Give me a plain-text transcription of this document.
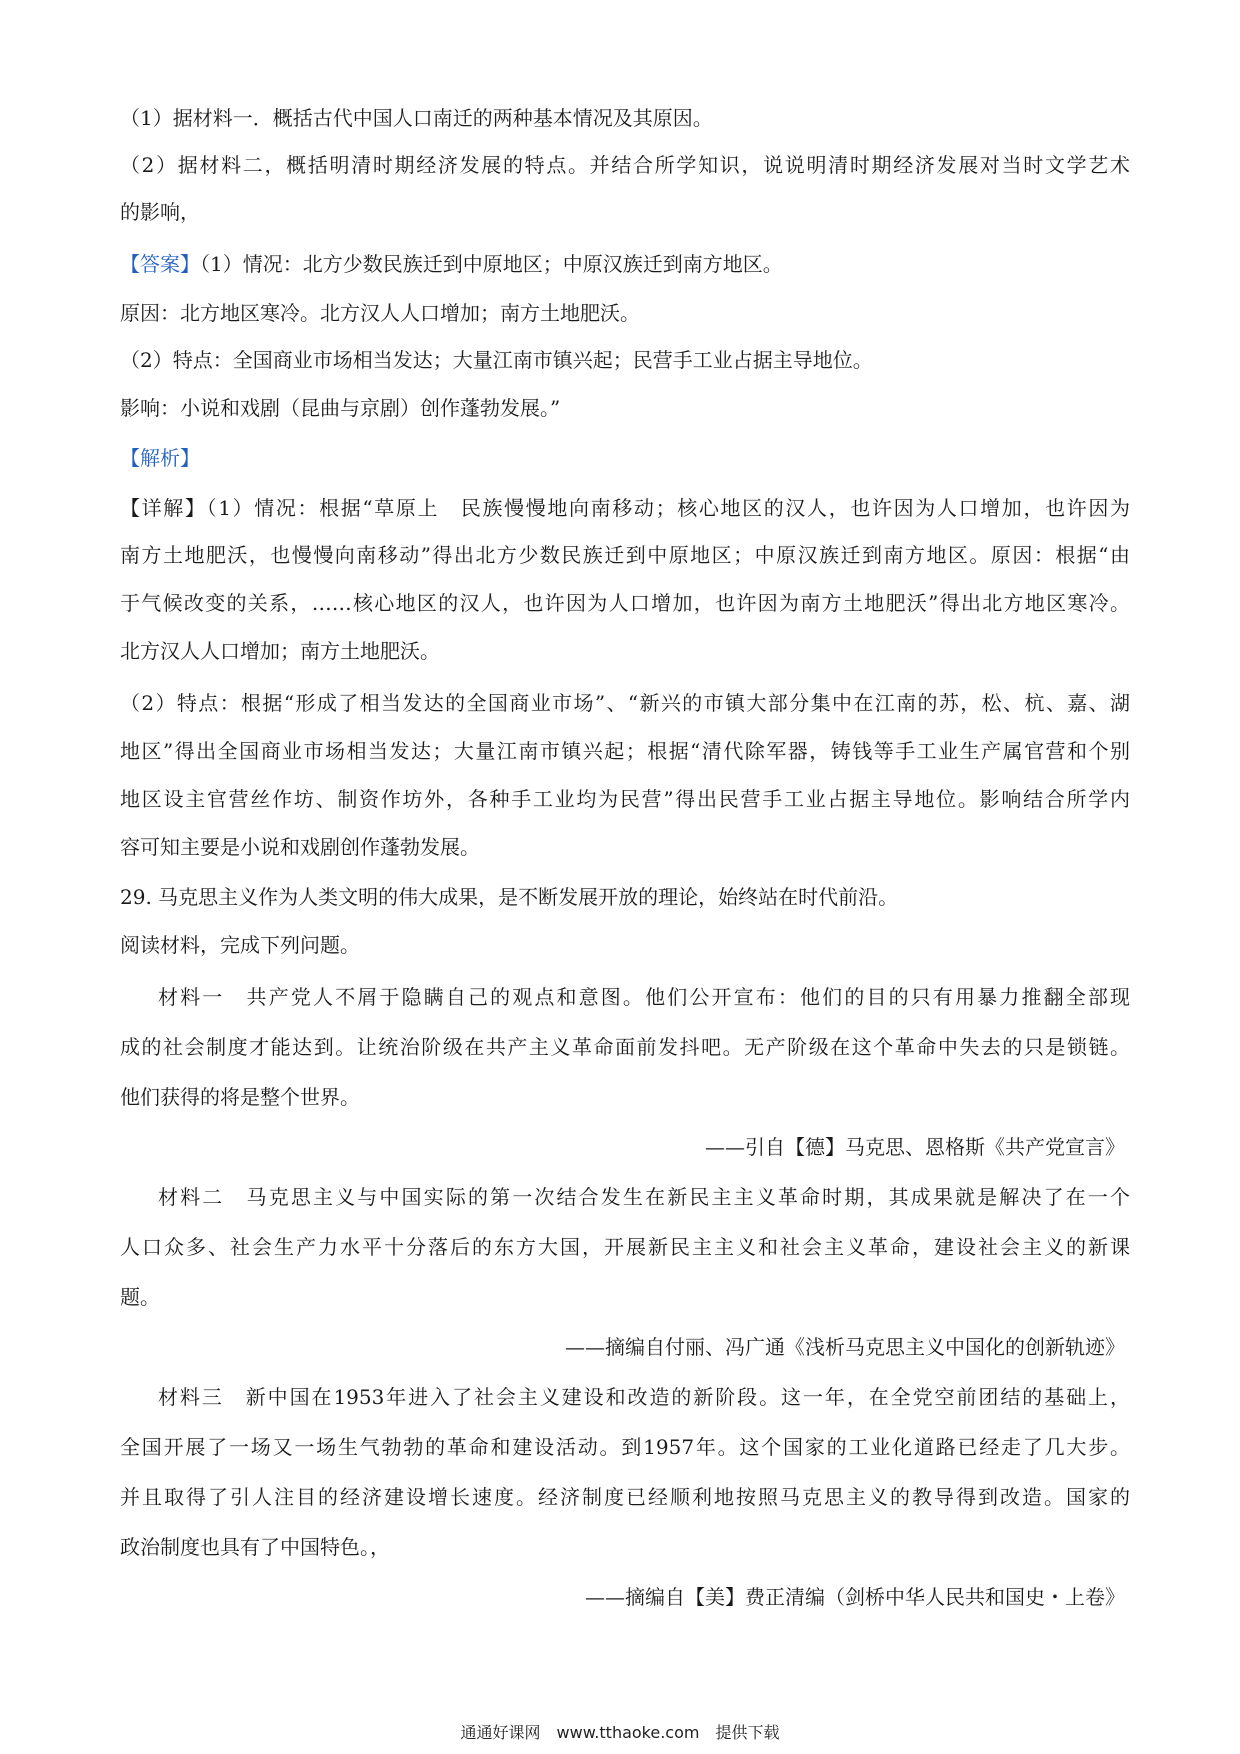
（1）据材料一．概括古代中国人口南迁的两种基本情况及其原因。
（2）据材料二，概括明清时期经济发展的特点。并结合所学知识，说说明清时期经济发展对当时文学艺术
的影响，
【答案】（1）情况：北方少数民族迁到中原地区；中原汉族迁到南方地区。
原因：北方地区寒冷。北方汉人人口增加；南方土地肥沃。
（2）特点：全国商业市场相当发达；大量江南市镇兴起；民营手工业占据主导地位。
影响：小说和戏剧（昆曲与京剧）创作蓬勃发展。”
【解析】
【详解】（1）情况：根据“草原上　民族慢慢地向南移动；核心地区的汉人，也许因为人口增加，也许因为
南方土地肥沃，也慢慢向南移动”得出北方少数民族迁到中原地区；中原汉族迁到南方地区。原因：根据“由
于气候改变的关系，……核心地区的汉人，也许因为人口增加，也许因为南方土地肥沃”得出北方地区寒冷。
北方汉人人口增加；南方土地肥沃。
（2）特点：根据“形成了相当发达的全国商业市场”、“新兴的市镇大部分集中在江南的苏，松、杭、嘉、湖
地区”得出全国商业市场相当发达；大量江南市镇兴起；根据“清代除军器，铸钱等手工业生产属官营和个别
地区设主官营丝作坊、制资作坊外，各种手工业均为民营”得出民营手工业占据主导地位。影响结合所学内
容可知主要是小说和戏剧创作蓬勃发展。
29. 马克思主义作为人类文明的伟大成果，是不断发展开放的理论，始终站在时代前沿。
阅读材料，完成下列问题。
材料一　共产党人不屑于隐瞒自己的观点和意图。他们公开宣布：他们的目的只有用暴力推翻全部现
成的社会制度才能达到。让统治阶级在共产主义革命面前发抖吧。无产阶级在这个革命中失去的只是锁链。
他们获得的将是整个世界。
——引自【德】马克思、恩格斯《共产党宣言》
材料二　马克思主义与中国实际的第一次结合发生在新民主主义革命时期，其成果就是解决了在一个
人口众多、社会生产力水平十分落后的东方大国，开展新民主主义和社会主义革命，建设社会主义的新课
题。
——摘编自付丽、冯广通《浅析马克思主义中国化的创新轨迹》
材料三　新中国在1953年进入了社会主义建设和改造的新阶段。这一年，在全党空前团结的基础上，
全国开展了一场又一场生气勃勃的革命和建设活动。到1957年。这个国家的工业化道路已经走了几大步。
并且取得了引人注目的经济建设增长速度。经济制度已经顺利地按照马克思主义的教导得到改造。国家的
政治制度也具有了中国特色。，
——摘编自【美】费正清编（剑桥中华人民共和国史・上卷》
通通好课网　www.tthaoke.com　提供下载
